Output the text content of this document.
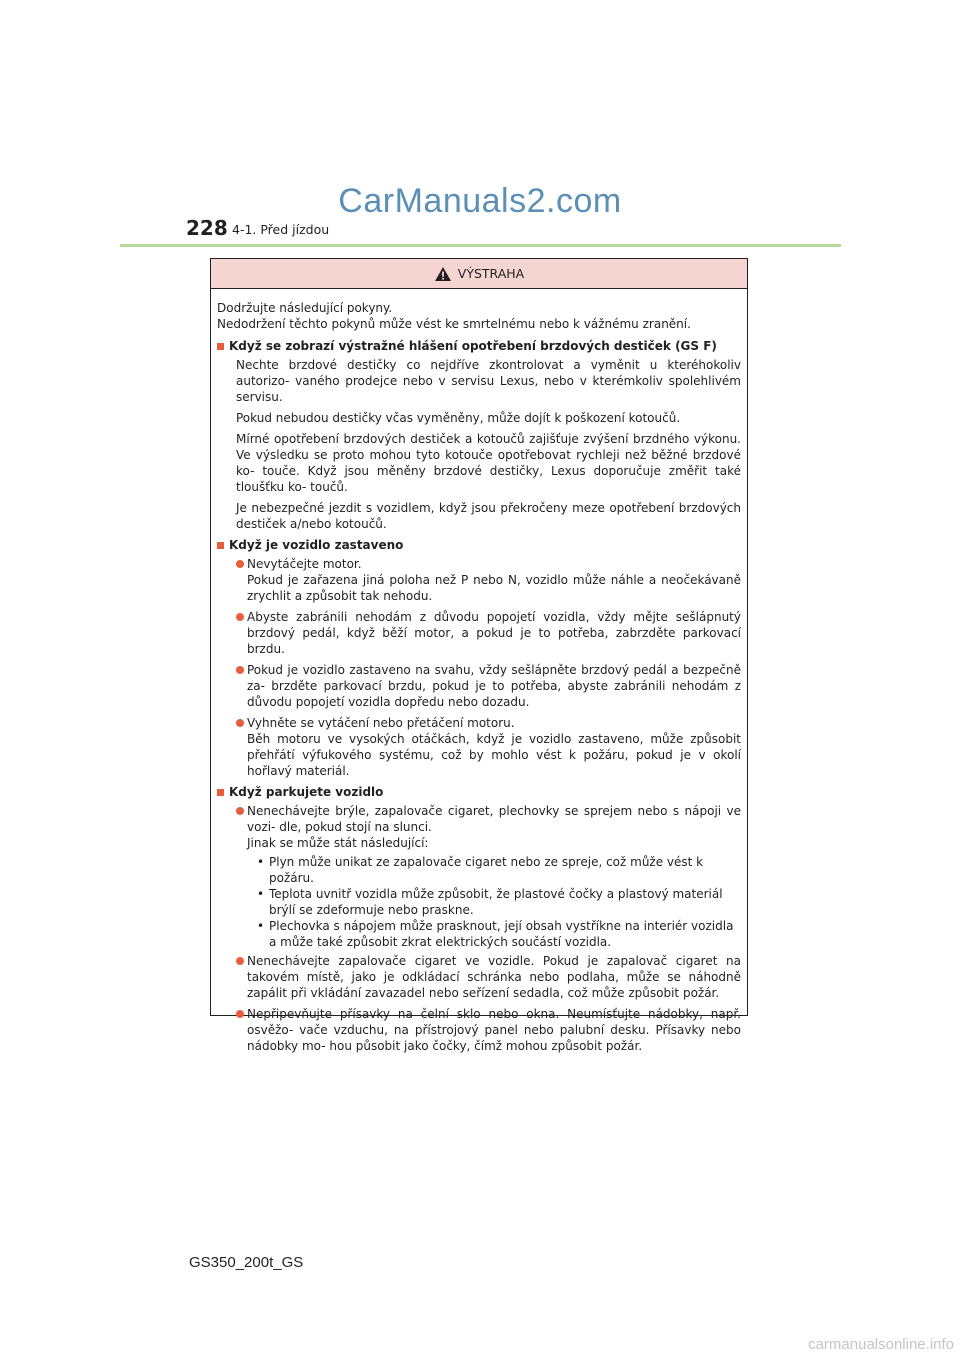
CarManuals2.com
228 4-1. Před jízdou
VÝSTRAHA

Dodržujte následující pokyny.
Nedodržení těchto pokynů může vést ke smrtelnému nebo k vážnému zranění.

Když se zobrazí výstražné hlášení opotřebení brzdových destiček (GS F)

Nechte brzdové destičky co nejdříve zkontrolovat a vyměnit u kteréhokoliv autorizo- vaného prodejce nebo v servisu Lexus, nebo v kterémkoliv spolehlivém servisu.

Pokud nebudou destičky včas vyměněny, může dojít k poškození kotoučů.

Mírné opotřebení brzdových destiček a kotoučů zajišťuje zvýšení brzdného výkonu. Ve výsledku se proto mohou tyto kotouče opotřebovat rychleji než běžné brzdové ko- touče. Když jsou měněny brzdové destičky, Lexus doporučuje změřit také tloušťku ko- toučů.

Je nebezpečné jezdit s vozidlem, když jsou překročeny meze opotřebení brzdových destiček a/nebo kotoučů.

Když je vozidlo zastaveno
Nevytáčejte motor.
Pokud je zařazena jiná poloha než P nebo N, vozidlo může náhle a neočekávaně zrychlit a způsobit tak nehodu.
Abyste zabránili nehodám z důvodu popojetí vozidla, vždy mějte sešlápnutý brzdový pedál, když běží motor, a pokud je to potřeba, zabrzděte parkovací brzdu.
Pokud je vozidlo zastaveno na svahu, vždy sešlápněte brzdový pedál a bezpečně za- brzděte parkovací brzdu, pokud je to potřeba, abyste zabránili nehodám z důvodu popojetí vozidla dopředu nebo dozadu.
Vyhněte se vytáčení nebo přetáčení motoru.
Běh motoru ve vysokých otáčkách, když je vozidlo zastaveno, může způsobit přehřátí výfukového systému, což by mohlo vést k požáru, pokud je v okolí hořlavý materiál.
Když parkujete vozidlo
Nenechávejte brýle, zapalovače cigaret, plechovky se sprejem nebo s nápoji ve vozi- dle, pokud stojí na slunci.
Jinak se může stát následující:
• Plyn může unikat ze zapalovače cigaret nebo ze spreje, což může vést k požáru.
• Teplota uvnitř vozidla může způsobit, že plastové čočky a plastový materiál brýlí se zdeformuje nebo praskne.
• Plechovka s nápojem může prasknout, její obsah vystříkne na interiér vozidla a může také způsobit zkrat elektrických součástí vozidla.
Nenechávejte zapalovače cigaret ve vozidle. Pokud je zapalovač cigaret na takovém místě, jako je odkládací schránka nebo podlaha, může se náhodně zapálit při vkládání zavazadel nebo seřízení sedadla, což může způsobit požár.
Nepřipevňujte přísavky na čelní sklo nebo okna. Neumísťujte nádobky, např. osvěžo- vače vzduchu, na přístrojový panel nebo palubní desku. Přísavky nebo nádobky mo- hou působit jako čočky, čímž mohou způsobit požár.
GS350_200t_GS
carmanualsonline.info
